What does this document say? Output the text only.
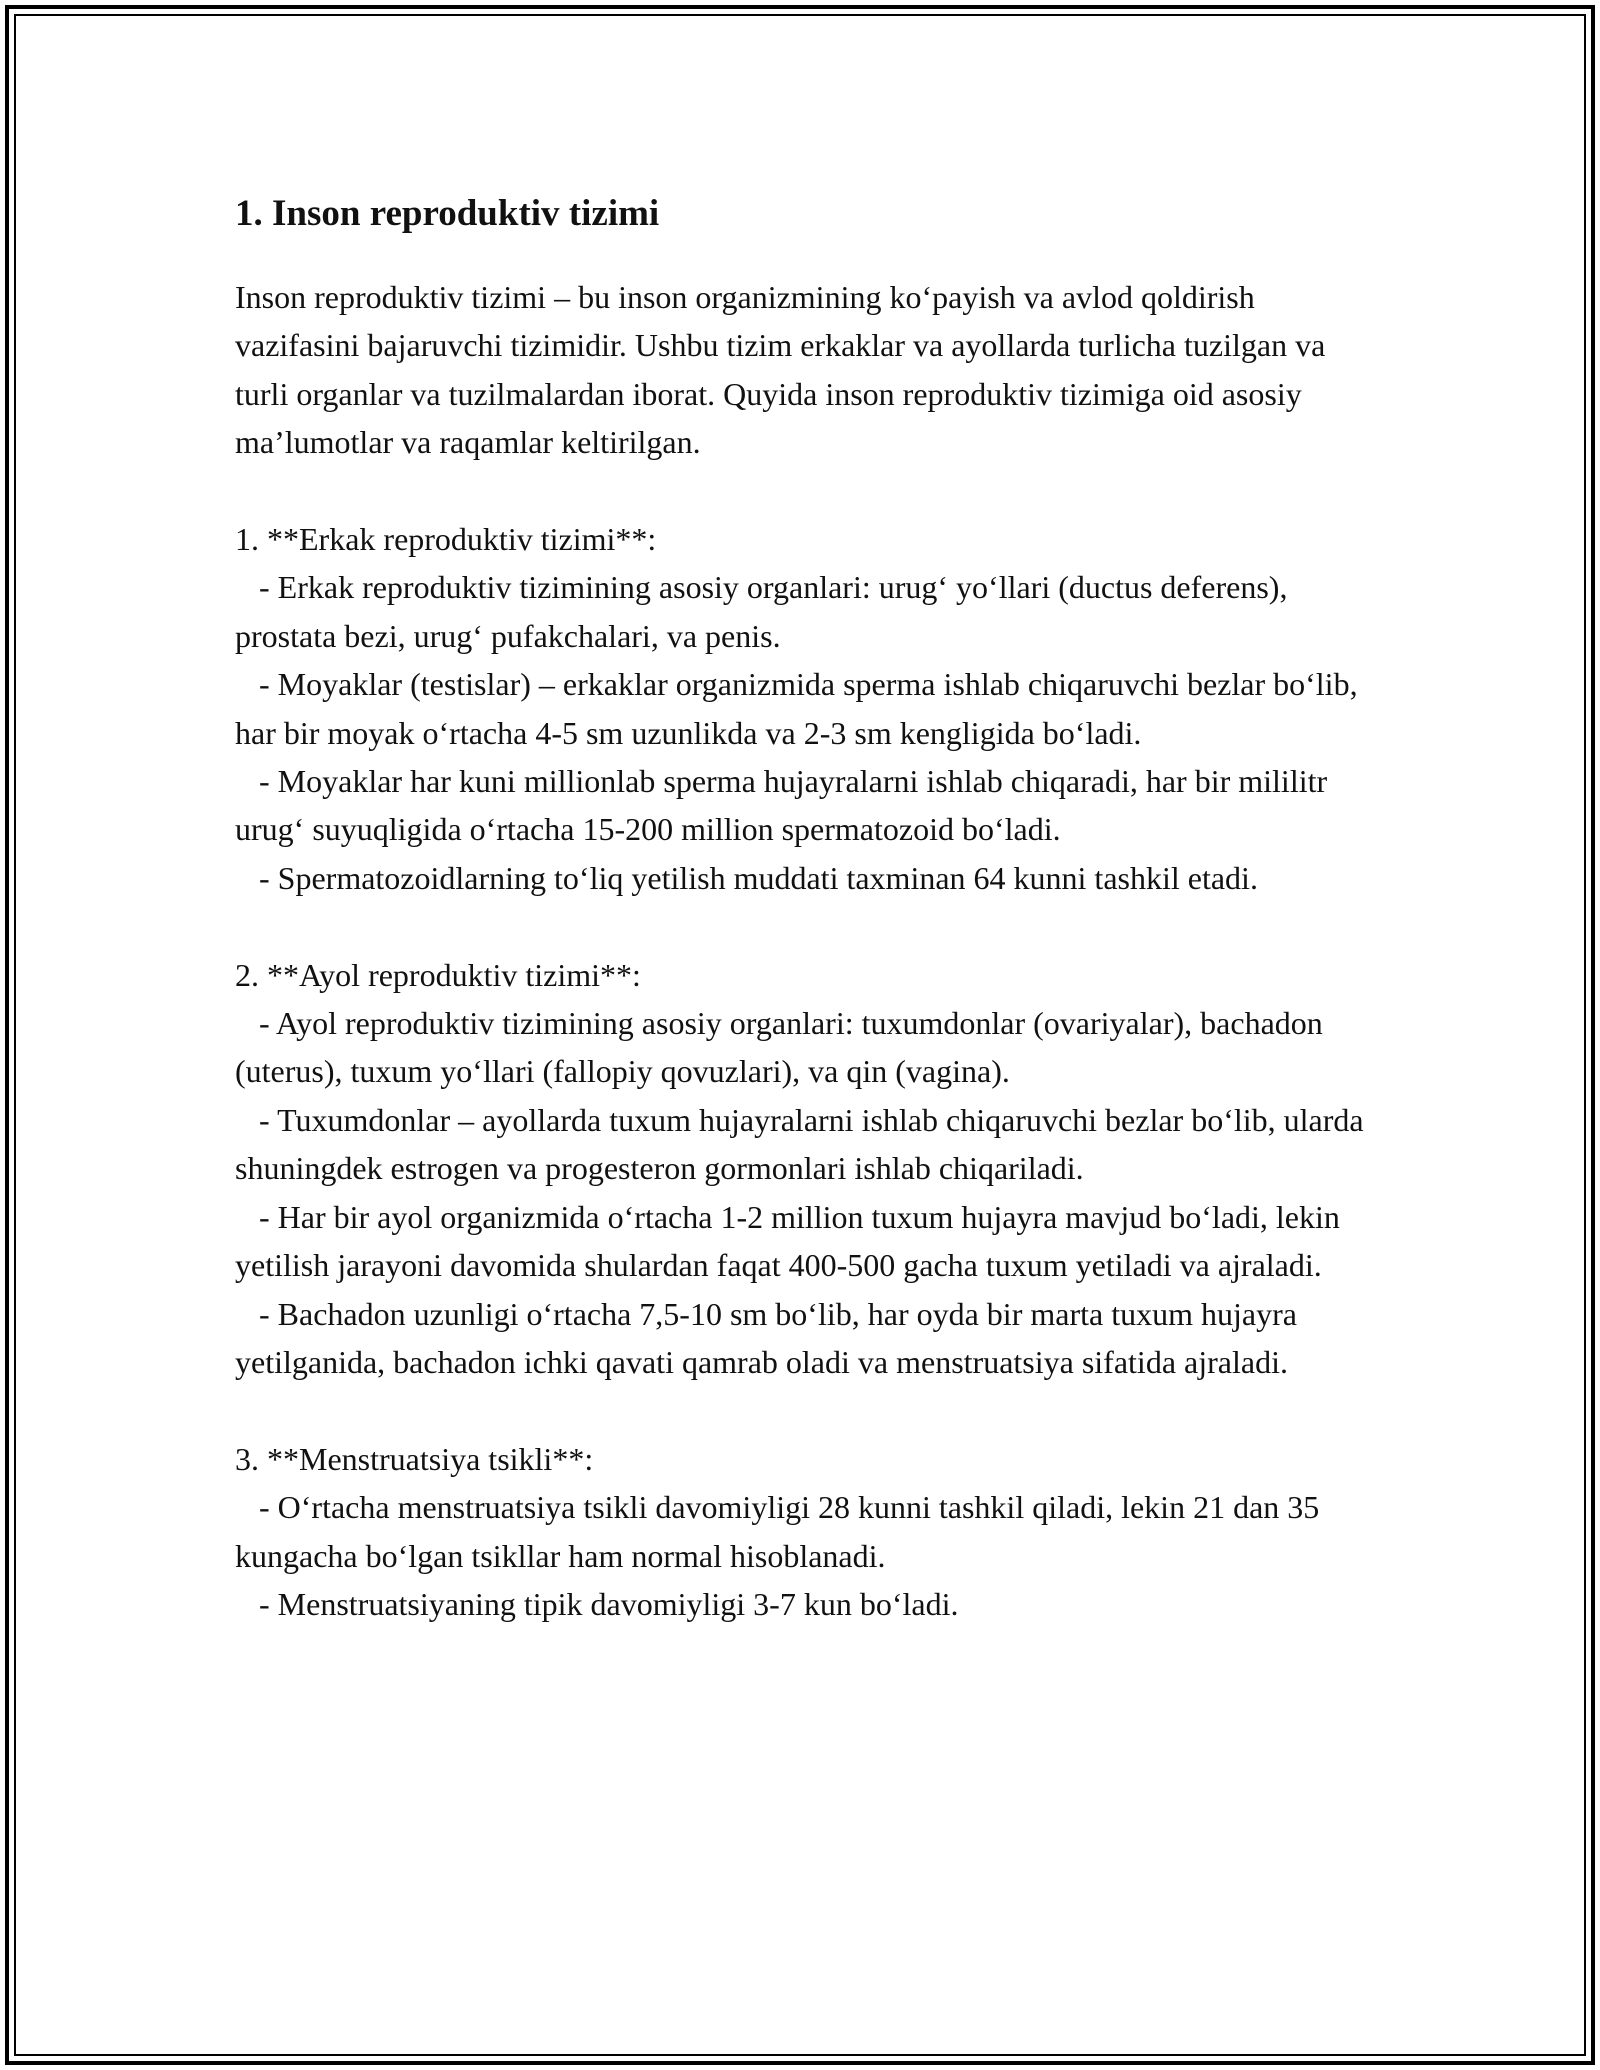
1. Inson reproduktiv tizimi

Inson reproduktiv tizimi – bu inson organizmining ko‘payish va avlod qoldirish vazifasini bajaruvchi tizimidir. Ushbu tizim erkaklar va ayollarda turlicha tuzilgan va turli organlar va tuzilmalardan iborat. Quyida inson reproduktiv tizimiga oid asosiy ma’lumotlar va raqamlar keltirilgan.

1. **Erkak reproduktiv tizimi**:

- Erkak reproduktiv tizimining asosiy organlari: urug‘ yo‘llari (ductus deferens), prostata bezi, urug‘ pufakchalari, va penis.

- Moyaklar (testislar) – erkaklar organizmida sperma ishlab chiqaruvchi bezlar bo‘lib, har bir moyak o‘rtacha 4-5 sm uzunlikda va 2-3 sm kengligida bo‘ladi.

- Moyaklar har kuni millionlab sperma hujayralarni ishlab chiqaradi, har bir mililitr urug‘ suyuqligida o‘rtacha 15-200 million spermatozoid bo‘ladi.

- Spermatozoidlarning to‘liq yetilish muddati taxminan 64 kunni tashkil etadi.

2. **Ayol reproduktiv tizimi**:

- Ayol reproduktiv tizimining asosiy organlari: tuxumdonlar (ovariyalar), bachadon (uterus), tuxum yo‘llari (fallopiy qovuzlari), va qin (vagina).

- Tuxumdonlar – ayollarda tuxum hujayralarni ishlab chiqaruvchi bezlar bo‘lib, ularda shuningdek estrogen va progesteron gormonlari ishlab chiqariladi.

- Har bir ayol organizmida o‘rtacha 1-2 million tuxum hujayra mavjud bo‘ladi, lekin yetilish jarayoni davomida shulardan faqat 400-500 gacha tuxum yetiladi va ajraladi.

- Bachadon uzunligi o‘rtacha 7,5-10 sm bo‘lib, har oyda bir marta tuxum hujayra yetilganida, bachadon ichki qavati qamrab oladi va menstruatsiya sifatida ajraladi.

3. **Menstruatsiya tsikli**:

- O‘rtacha menstruatsiya tsikli davomiyligi 28 kunni tashkil qiladi, lekin 21 dan 35 kungacha bo‘lgan tsikllar ham normal hisoblanadi.

- Menstruatsiyaning tipik davomiyligi 3-7 kun bo‘ladi.
